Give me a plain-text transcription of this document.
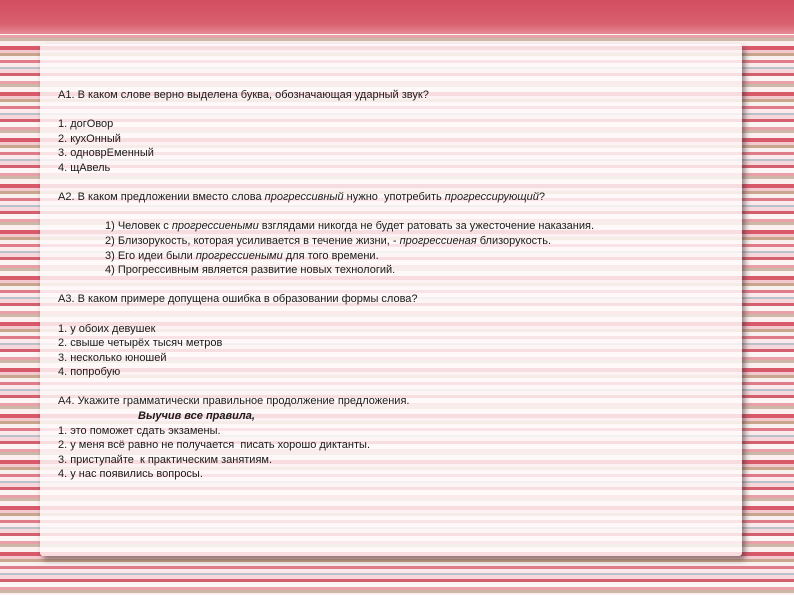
А1. В каком слове верно выделена буква, обозначающая ударный звук?
1. догОвор
2. кухОнный
3. одноврЕменный
4. щАвель
А2. В каком предложении вместо слова прогрессивный нужно  употребить прогрессирующий?
1) Человек с прогрессиеными взглядами никогда не будет ратовать за ужесточение наказания.
2) Близорукость, которая усиливается в течение жизни, - прогрессиеная близорукость.
3) Его идеи были прогрессиеными для того времени.
4) Прогрессивным является развитие новых технологий.
А3. В каком примере допущена ошибка в образовании формы слова?
1. у обоих девушек
2. свыше четырёх тысяч метров
3. несколько юношей
4. попробую
А4. Укажите грамматически правильное продолжение предложения.
Выучив все правила,
1. это поможет сдать экзамены.
2. у меня всё равно не получается  писать хорошо диктанты.
3. приступайте  к практическим занятиям.
4. у нас появились вопросы.
